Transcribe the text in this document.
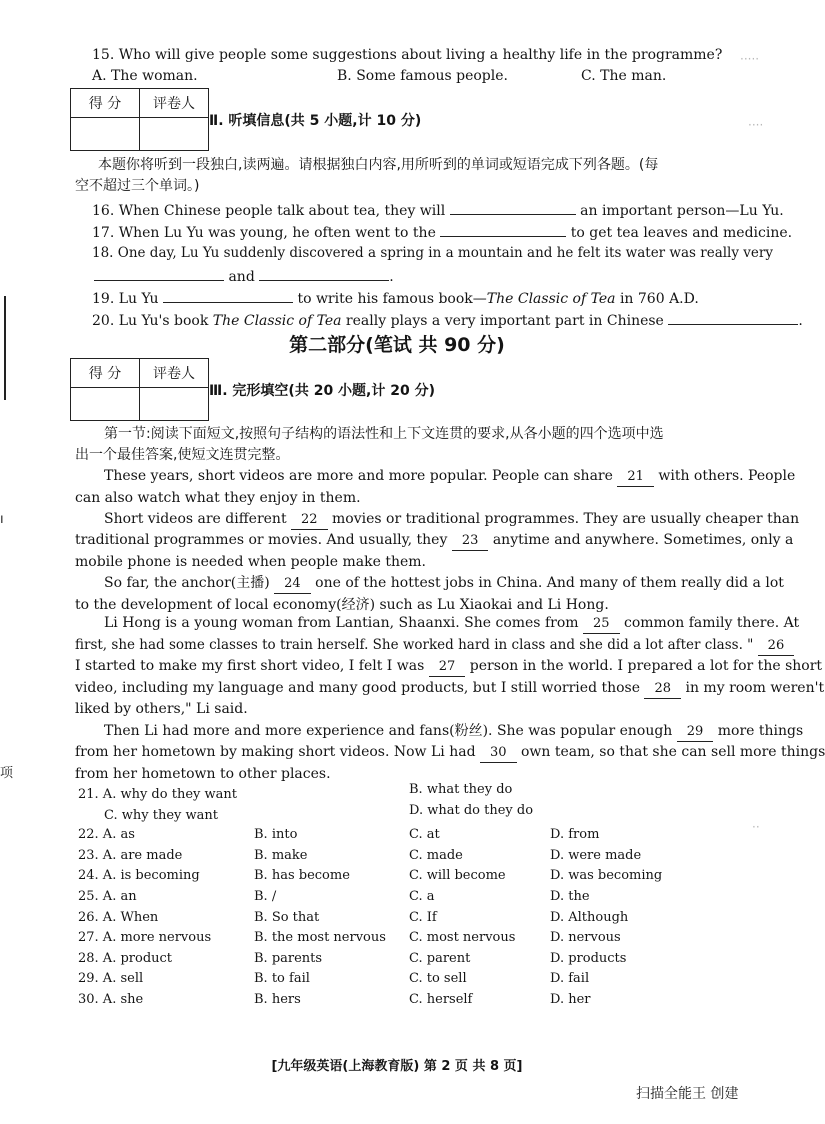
·····
····
··
ı
项
15. Who will give people some suggestions about living a healthy life in the programme?
A. The woman.	B. Some famous people.	C. The man.
得 分	评卷人

Ⅱ. 听填信息(共 5 小题,计 10 分)
本题你将听到一段独白,读两遍。请根据独白内容,用所听到的单词或短语完成下列各题。(每
空不超过三个单词。)
16. When Chinese people talk about tea, they will	an important person—Lu Yu.
17. When Lu Yu was young, he often went to the	to get tea leaves and medicine.
18. One day, Lu Yu suddenly discovered a spring in a mountain and he felt its water was really very
and	.
19. Lu Yu	to write his famous book—The Classic of Tea in 760 A.D.
20. Lu Yu's book The Classic of Tea really plays a very important part in Chinese	.
第二部分(笔试 共 90 分)
得 分	评卷人

Ⅲ. 完形填空(共 20 小题,计 20 分)
第一节:阅读下面短文,按照句子结构的语法性和上下文连贯的要求,从各小题的四个选项中选
出一个最佳答案,使短文连贯完整。
These years, short videos are more and more popular. People can share 21 with others. People
can also watch what they enjoy in them.
Short videos are different 22 movies or traditional programmes. They are usually cheaper than
traditional programmes or movies. And usually, they 23 anytime and anywhere. Sometimes, only a
mobile phone is needed when people make them.
So far, the anchor(主播) 24 one of the hottest jobs in China. And many of them really did a lot
to the development of local economy(经济) such as Lu Xiaokai and Li Hong.
Li Hong is a young woman from Lantian, Shaanxi. She comes from 25 common family there. At
first, she had some classes to train herself. She worked hard in class and she did a lot after class. " 26
I started to make my first short video, I felt I was 27 person in the world. I prepared a lot for the short
video, including my language and many good products, but I still worried those 28 in my room weren't
liked by others," Li said.
Then Li had more and more experience and fans(粉丝). She was popular enough 29 more things
from her hometown by making short videos. Now Li had 30 own team, so that she can sell more things
from her hometown to other places.
21. A. why do they want	B. what they do
C. why they want	D. what do they do
22. A. as	B. into	C. at	D. from
23. A. are made	B. make	C. made	D. were made
24. A. is becoming	B. has become	C. will become	D. was becoming
25. A. an	B. /	C. a	D. the
26. A. When	B. So that	C. If	D. Although
27. A. more nervous	B. the most nervous C. most nervous	D. nervous
28. A. product	B. parents	C. parent	D. products
29. A. sell	B. to fail	C. to sell	D. fail
30. A. she	B. hers	C. herself	D. her
[九年级英语(上海教育版) 第 2 页 共 8 页]
扫描全能王 创建
